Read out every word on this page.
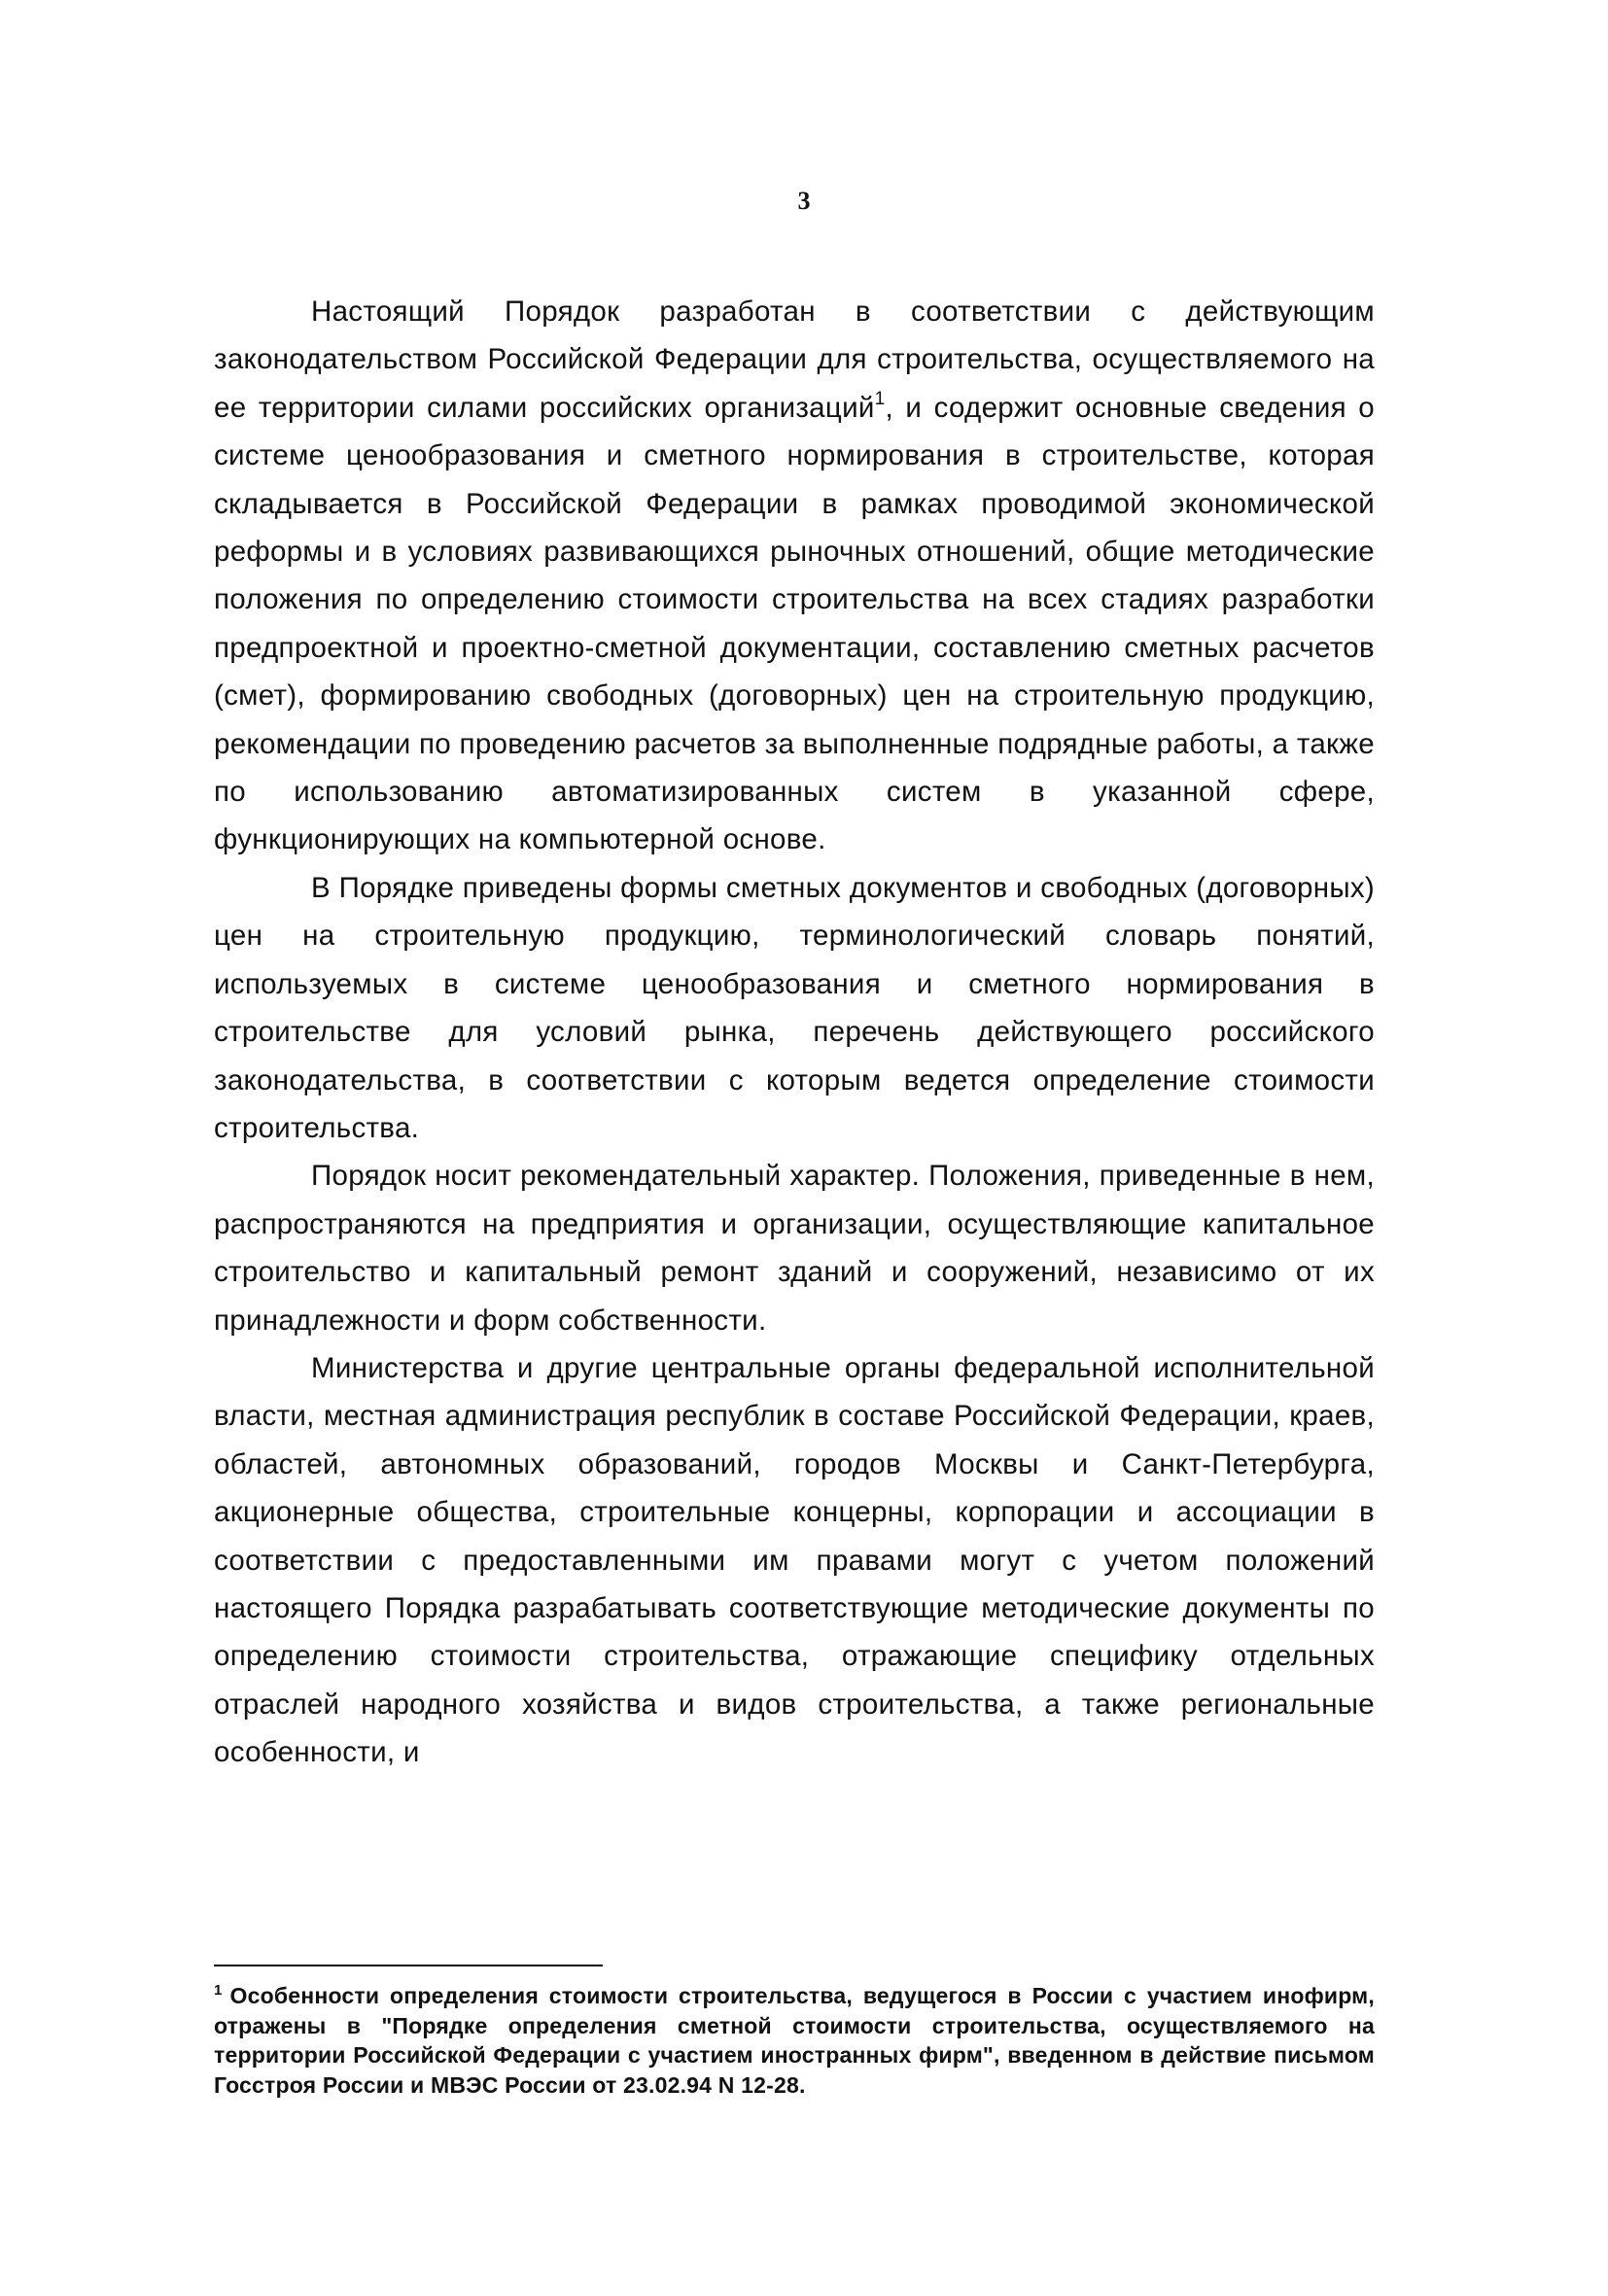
3

Настоящий Порядок разработан в соответствии с действующим законодательством Российской Федерации для строительства, осуществляемого на ее территории силами российских организаций$^1$, и содержит основные сведения о системе ценообразования и сметного нормирования в строительстве, которая складывается в Российской Федерации в рамках проводимой экономической реформы и в условиях развивающихся рыночных отношений, общие методические положения по определению стоимости строительства на всех стадиях разработки предпроектной и проектно-сметной документации, составлению сметных расчетов (смет), формированию свободных (договорных) цен на строительную продукцию, рекомендации по проведению расчетов за выполненные подрядные работы, а также по использованию автоматизированных систем в указанной сфере, функционирующих на компьютерной основе.

В Порядке приведены формы сметных документов и свободных (договорных) цен на строительную продукцию, терминологический словарь понятий, используемых в системе ценообразования и сметного нормирования в строительстве для условий рынка, перечень действующего российского законодательства, в соответствии с которым ведется определение стоимости строительства.

Порядок носит рекомендательный характер. Положения, приведенные в нем, распространяются на предприятия и организации, осуществляющие капитальное строительство и капитальный ремонт зданий и сооружений, независимо от их принадлежности и форм собственности.

Министерства и другие центральные органы федеральной исполнительной власти, местная администрация республик в составе Российской Федерации, краев, областей, автономных образований, городов Москвы и Санкт-Петербурга, акционерные общества, строительные концерны, корпорации и ассоциации в соответствии с предоставленными им правами могут с учетом положений настоящего Порядка разрабатывать соответствующие методические документы по определению стоимости строительства, отражающие специфику отдельных отраслей народного хозяйства и видов строительства, а также региональные особенности, и

$^1$ Особенности определения стоимости строительства, ведущегося в России с участием инофирм, отражены в "Порядке определения сметной стоимости строительства, осуществляемого на территории Российской Федерации с участием иностранных фирм", введенном в действие письмом Госстроя России и МВЭС России от 23.02.94 N 12-28.
